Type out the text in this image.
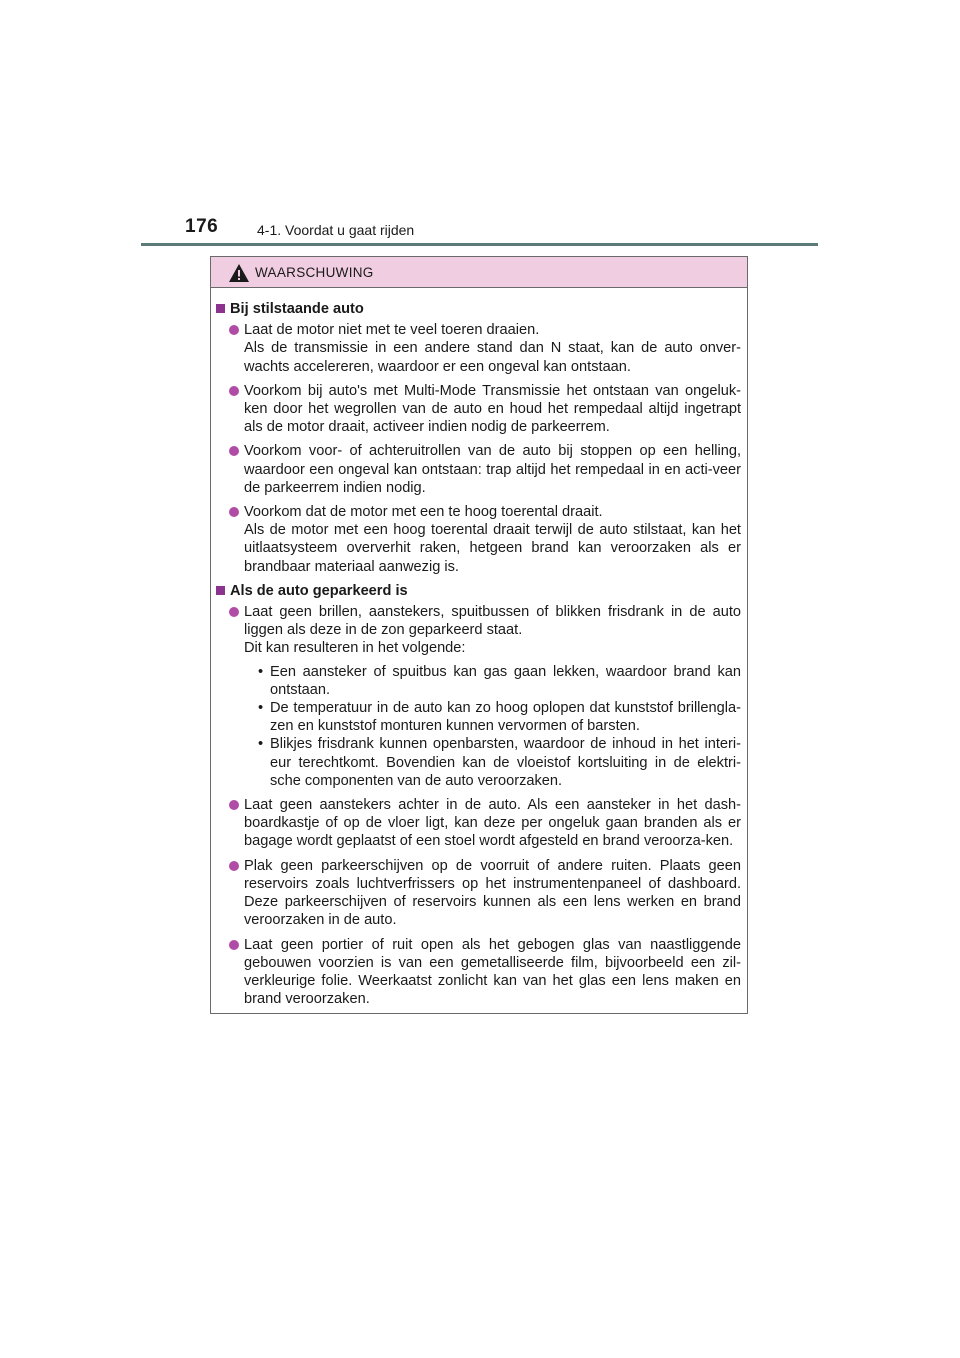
176	4-1. Voordat u gaat rijden
WAARSCHUWING
Bij stilstaande auto

Laat de motor niet met te veel toeren draaien.

Als de transmissie in een andere stand dan N staat, kan de auto onver-wachts accelereren, waardoor er een ongeval kan ontstaan.

Voorkom bij auto's met Multi-Mode Transmissie het ontstaan van ongeluk-ken door het wegrollen van de auto en houd het rempedaal altijd ingetrapt als de motor draait, activeer indien nodig de parkeerrem.

Voorkom voor- of achteruitrollen van de auto bij stoppen op een helling, waardoor een ongeval kan ontstaan: trap altijd het rempedaal in en acti-veer de parkeerrem indien nodig.

Voorkom dat de motor met een te hoog toerental draait.

Als de motor met een hoog toerental draait terwijl de auto stilstaat, kan het uitlaatsysteem oververhit raken, hetgeen brand kan veroorzaken als er brandbaar materiaal aanwezig is.

Als de auto geparkeerd is

Laat geen brillen, aanstekers, spuitbussen of blikken frisdrank in de auto liggen als deze in de zon geparkeerd staat.

Dit kan resulteren in het volgende:

• Een aansteker of spuitbus kan gas gaan lekken, waardoor brand kan ontstaan.
• De temperatuur in de auto kan zo hoog oplopen dat kunststof brillengla-zen en kunststof monturen kunnen vervormen of barsten.
• Blikjes frisdrank kunnen openbarsten, waardoor de inhoud in het interi-eur terechtkomt. Bovendien kan de vloeistof kortsluiting in de elektri-sche componenten van de auto veroorzaken.

Laat geen aanstekers achter in de auto. Als een aansteker in het dash-boardkastje of op de vloer ligt, kan deze per ongeluk gaan branden als er bagage wordt geplaatst of een stoel wordt afgesteld en brand veroorza-ken.

Plak geen parkeerschijven op de voorruit of andere ruiten. Plaats geen reservoirs zoals luchtverfrissers op het instrumentenpaneel of dashboard. Deze parkeerschijven of reservoirs kunnen als een lens werken en brand veroorzaken in de auto.

Laat geen portier of ruit open als het gebogen glas van naastliggende gebouwen voorzien is van een gemetalliseerde film, bijvoorbeeld een zil-verkleurige folie. Weerkaatst zonlicht kan van het glas een lens maken en brand veroorzaken.
